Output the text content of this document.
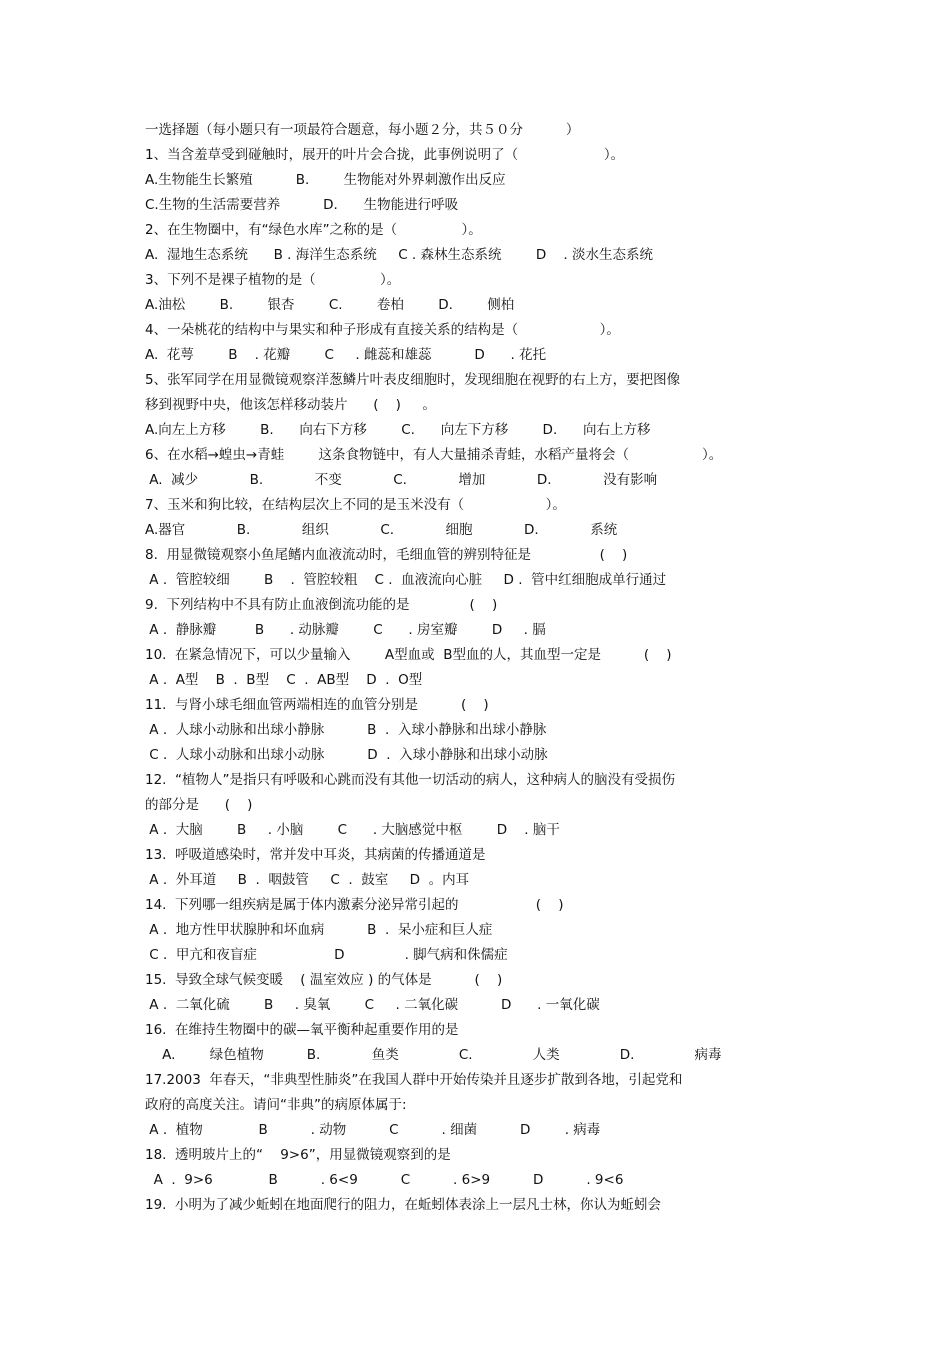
一选择题（每小题只有一项最符合题意，每小题２分，共５０分          ）
1、当含羞草受到碰触时，展开的叶片会合拢，此事例说明了（                    ）。
A.生物能生长繁殖          B.        生物能对外界刺激作出反应
C.生物的生活需要营养          D.      生物能进行呼吸
2、在生物圈中，有“绿色水库”之称的是（               ）。
A.  湿地生态系统      B . 海洋生态系统     C . 森林生态系统        D    . 淡水生态系统
3、下列不是裸子植物的是（               ）。
A.油松        B.        银杏        C.        卷柏        D.        侧柏
4、一朵桃花的结构中与果实和种子形成有直接关系的结构是（                   ）。
A.  花萼        B    . 花瓣        C     . 雌蕊和雄蕊          D      . 花托
5、张军同学在用显微镜观察洋葱鳞片叶表皮细胞时，发现细胞在视野的右上方，要把图像
移到视野中央，他该怎样移动装片      (    )     。
A.向左上方移        B.      向右下方移        C.      向左下方移        D.      向右上方移
6、在水稻→蝗虫→青蛙        这条食物链中，有人大量捕杀青蛙，水稻产量将会（                 ）。
A.  减少            B.            不变            C.            增加            D.            没有影响
7、玉米和狗比较，在结构层次上不同的是玉米没有（                   ）。
A.器官            B.            组织            C.            细胞            D.            系统
8.  用显微镜观察小鱼尾鳍内血液流动时，毛细血管的辨别特征是                (    )
A .  管腔较细        B    .  管腔较粗    C .  血液流向心脏     D .  管中红细胞成单行通过
9.  下列结构中不具有防止血液倒流功能的是              (    )
A .  静脉瓣         B      . 动脉瓣        C      . 房室瓣        D     . 膈
10.  在紧急情况下，可以少量输入        A型血或  B型血的人，其血型一定是          (    )
A .  A型    B  .  B型    C  .  AB型    D  .  O型
11.  与肾小球毛细血管两端相连的血管分别是          (    )
A .  人球小动脉和出球小静脉          B  .  入球小静脉和出球小静脉
C .  人球小动脉和出球小动脉          D  .  入球小静脉和出球小动脉
12.  “植物人”是指只有呼吸和心跳而没有其他一切活动的病人，这种病人的脑没有受损伤
的部分是      (    )
A .  大脑        B     . 小脑        C      . 大脑感觉中枢        D    . 脑干
13.  呼吸道感染时，常并发中耳炎，其病菌的传播通道是
A .  外耳道     B  .  咽鼓管     C  .  鼓室     D  。内耳
14.  下列哪一组疾病是属于体内激素分泌异常引起的                  (    )
A .  地方性甲状腺肿和坏血病          B  .  呆小症和巨人症
C .  甲亢和夜盲症                  D              . 脚气病和侏儒症
15.  导致全球气候变暖    ( 温室效应 ) 的气体是          (    )
A .  二氧化硫        B     . 臭氧        C     . 二氧化碳          D      . 一氧化碳
16.  在维持生物圈中的碳—氧平衡种起重要作用的是
A.        绿色植物          B.            鱼类              C.              人类              D.              病毒
17.2003  年春天，“非典型性肺炎”在我国人群中开始传染并且逐步扩散到各地，引起党和
政府的高度关注。请问“非典”的病原体属于:
A .  植物             B          . 动物          C          . 细菌          D        . 病毒
18.  透明玻片上的“    9>6”，用显微镜观察到的是
A  .  9>6             B          . 6<9          C          . 6>9          D          . 9<6
19.  小明为了减少蚯蚓在地面爬行的阻力，在蚯蚓体表涂上一层凡士林，你认为蚯蚓会
